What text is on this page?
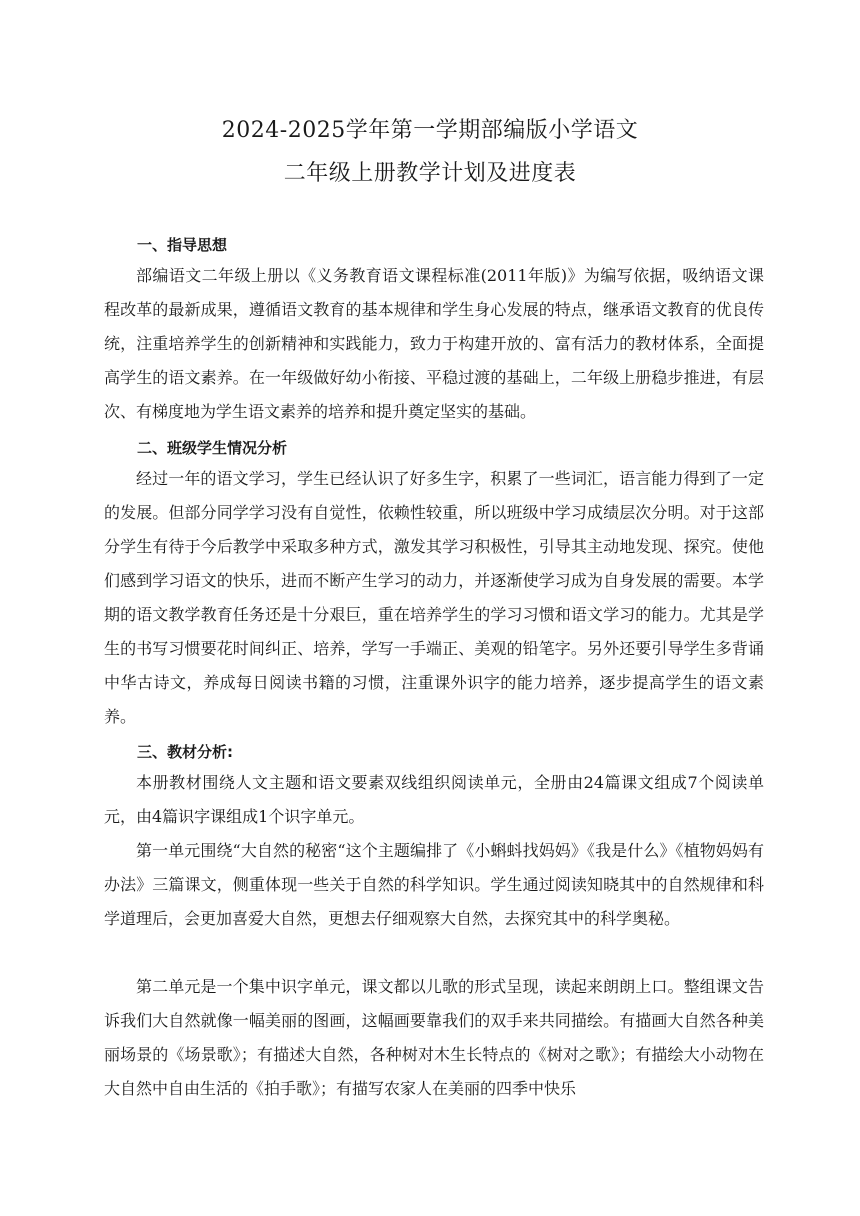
2024-2025学年第一学期部编版小学语文
二年级上册教学计划及进度表
一、指导思想

部编语文二年级上册以《义务教育语文课程标准(2011年版)》为编写依据，吸纳语文课程改革的最新成果，遵循语文教育的基本规律和学生身心发展的特点，继承语文教育的优良传统，注重培养学生的创新精神和实践能力，致力于构建开放的、富有活力的教材体系，全面提高学生的语文素养。在一年级做好幼小衔接、平稳过渡的基础上，二年级上册稳步推进，有层次、有梯度地为学生语文素养的培养和提升奠定坚实的基础。

二、班级学生情况分析

经过一年的语文学习，学生已经认识了好多生字，积累了一些词汇，语言能力得到了一定的发展。但部分同学学习没有自觉性，依赖性较重，所以班级中学习成绩层次分明。对于这部分学生有待于今后教学中采取多种方式，激发其学习积极性，引导其主动地发现、探究。使他们感到学习语文的快乐，进而不断产生学习的动力，并逐渐使学习成为自身发展的需要。本学期的语文教学教育任务还是十分艰巨，重在培养学生的学习习惯和语文学习的能力。尤其是学生的书写习惯要花时间纠正、培养，学写一手端正、美观的铅笔字。另外还要引导学生多背诵中华古诗文，养成每日阅读书籍的习惯，注重课外识字的能力培养，逐步提高学生的语文素养。

三、教材分析:

本册教材围绕人文主题和语文要素双线组织阅读单元，全册由24篇课文组成7个阅读单元，由4篇识字课组成1个识字单元。

第一单元围绕“大自然的秘密“这个主题编排了《小蝌蚪找妈妈》《我是什么》《植物妈妈有办法》三篇课文，侧重体现一些关于自然的科学知识。学生通过阅读知晓其中的自然规律和科学道理后，会更加喜爱大自然，更想去仔细观察大自然，去探究其中的科学奥秘。

第二单元是一个集中识字单元，课文都以儿歌的形式呈现，读起来朗朗上口。整组课文告诉我们大自然就像一幅美丽的图画，这幅画要靠我们的双手来共同描绘。有描画大自然各种美丽场景的《场景歌》；有描述大自然，各种树对木生长特点的《树对之歌》；有描绘大小动物在大自然中自由生活的《拍手歌》；有描写农家人在美丽的四季中快乐
